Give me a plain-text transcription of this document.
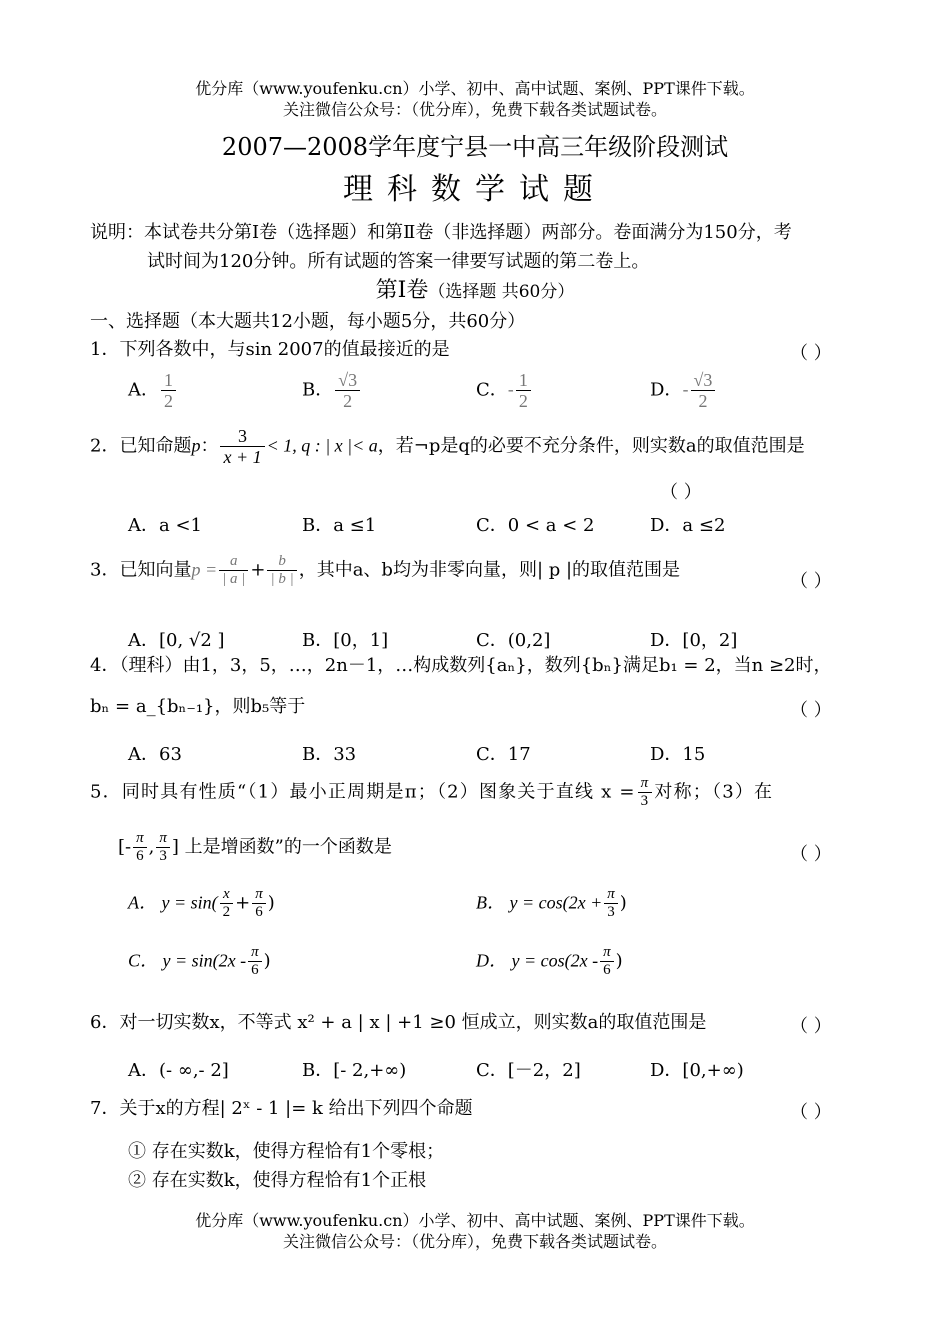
优分库（www.youfenku.cn）小学、初中、高中试题、案例、PPT课件下载。
关注微信公众号：（优分库），免费下载各类试题试卷。
2007—2008学年度宁县一中高三年级阶段测试
理科数学试题
说明：本试卷共分第Ⅰ卷（选择题）和第Ⅱ卷（非选择题）两部分。卷面满分为150分，考
试时间为120分钟。所有试题的答案一律要写试题的第二卷上。
第Ⅰ卷（选择题 共60分）
一、选择题（本大题共12小题，每小题5分，共60分）
1．下列各数中，与sin 2007的值最接近的是	（ ）
A． $\frac{1}{2}$	B． $\frac{√3}{2}$	C．- $\frac{1}{2}$	D．- $\frac{√3}{2}$
2．已知命题p： $\frac{3}{x + 1} < 1$, q : | x |< a，若¬p是q的必要不充分条件，则实数a的取值范围是
（ ）
A．a <1	B．a ≤1	C．0 < a < 2	D．a ≤2
3．已知向量$p = \frac{a}{| a |} + \frac{b}{| b |}$ ，其中a、b均为非零向量，则| p |的取值范围是
（ ）
A．[0, √2 ]	B．[0，1]	C．(0,2]	D．[0，2]
4．（理科）由1，3，5，…，2n－1，…构成数列{aₙ}，数列{bₙ}满足b₁ = 2，当n ≥2时，
bₙ = a_{bₙ₋₁}，则b₅等于	（ ）
A．63	B．33	C．17	D．15
5．同时具有性质“（1）最小正周期是π；（2）图象关于直线 $x = \frac{\pi}{3}$ 对称；（3）在
[- $\frac{\pi}{6}$ , $\frac{\pi}{3}$ ] 上是增函数”的一个函数是	（ ）
A． $y = \sin( \frac{x}{2} + \frac{\pi}{6}$ )	B． $y = \cos(2x + \frac{\pi}{3}$ )
C． $y = \sin(2x - \frac{\pi}{6}$ )	D． $y = \cos(2x - \frac{\pi}{6}$ )
6．对一切实数x，不等式 x² + a | x | +1 ≥0 恒成立，则实数a的取值范围是	（ ）
A．(- ∞,- 2]	B．[- 2,+∞)	C．[－2，2]	D．[0,+∞)
7．关于x的方程| 2ˣ - 1 |= k 给出下列四个命题	（ ）
① 存在实数k，使得方程恰有1个零根；
② 存在实数k，使得方程恰有1个正根
优分库（www.youfenku.cn）小学、初中、高中试题、案例、PPT课件下载。
关注微信公众号：（优分库），免费下载各类试题试卷。
